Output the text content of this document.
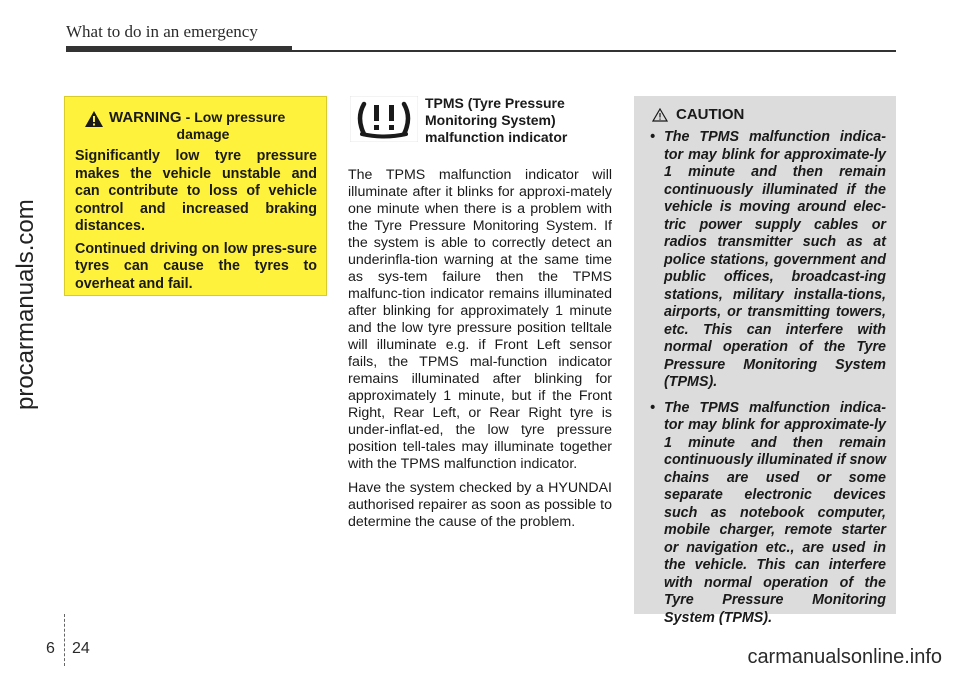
What to do in an emergency
procarmanuals.com
WARNING - Low pressure
damage

Significantly low tyre pressure makes the vehicle unstable and can contribute to loss of vehicle control and increased braking distances.

Continued driving on low pres-sure tyres can cause the tyres to overheat and fail.

TPMS (Tyre Pressure
Monitoring System)
malfunction indicator

The TPMS malfunction indicator will illuminate after it blinks for approxi-mately one minute when there is a problem with the Tyre Pressure Monitoring System. If the system is able to correctly detect an underinfla-tion warning at the same time as sys-tem failure then the TPMS malfunc-tion indicator remains illuminated after blinking for approximately 1 minute and the low tyre pressure position telltale will illuminate e.g. if Front Left sensor fails, the TPMS mal-function indicator remains illuminated after blinking for approximately 1 minute, but if the Front Right, Rear Left, or Rear Right tyre is under-inflat-ed, the low tyre pressure position tell-tales may illuminate together with the TPMS malfunction indicator.

Have the system checked by a HYUNDAI authorised repairer as soon as possible to determine the cause of the problem.

CAUTION

• The TPMS malfunction indica-tor may blink for approximate-ly 1 minute and then remain continuously illuminated if the vehicle is moving around elec-tric power supply cables or radios transmitter such as at police stations, government and public offices, broadcast-ing stations, military installa-tions, airports, or transmitting towers, etc. This can interfere with normal operation of the Tyre Pressure Monitoring System (TPMS).

• The TPMS malfunction indica-tor may blink for approximate-ly 1 minute and then remain continuously illuminated if snow chains are used or some separate electronic devices such as notebook computer, mobile charger, remote starter or navigation etc., are used in the vehicle. This can interfere with normal operation of the Tyre Pressure Monitoring System (TPMS).

6 24	carmanualsonline.info
